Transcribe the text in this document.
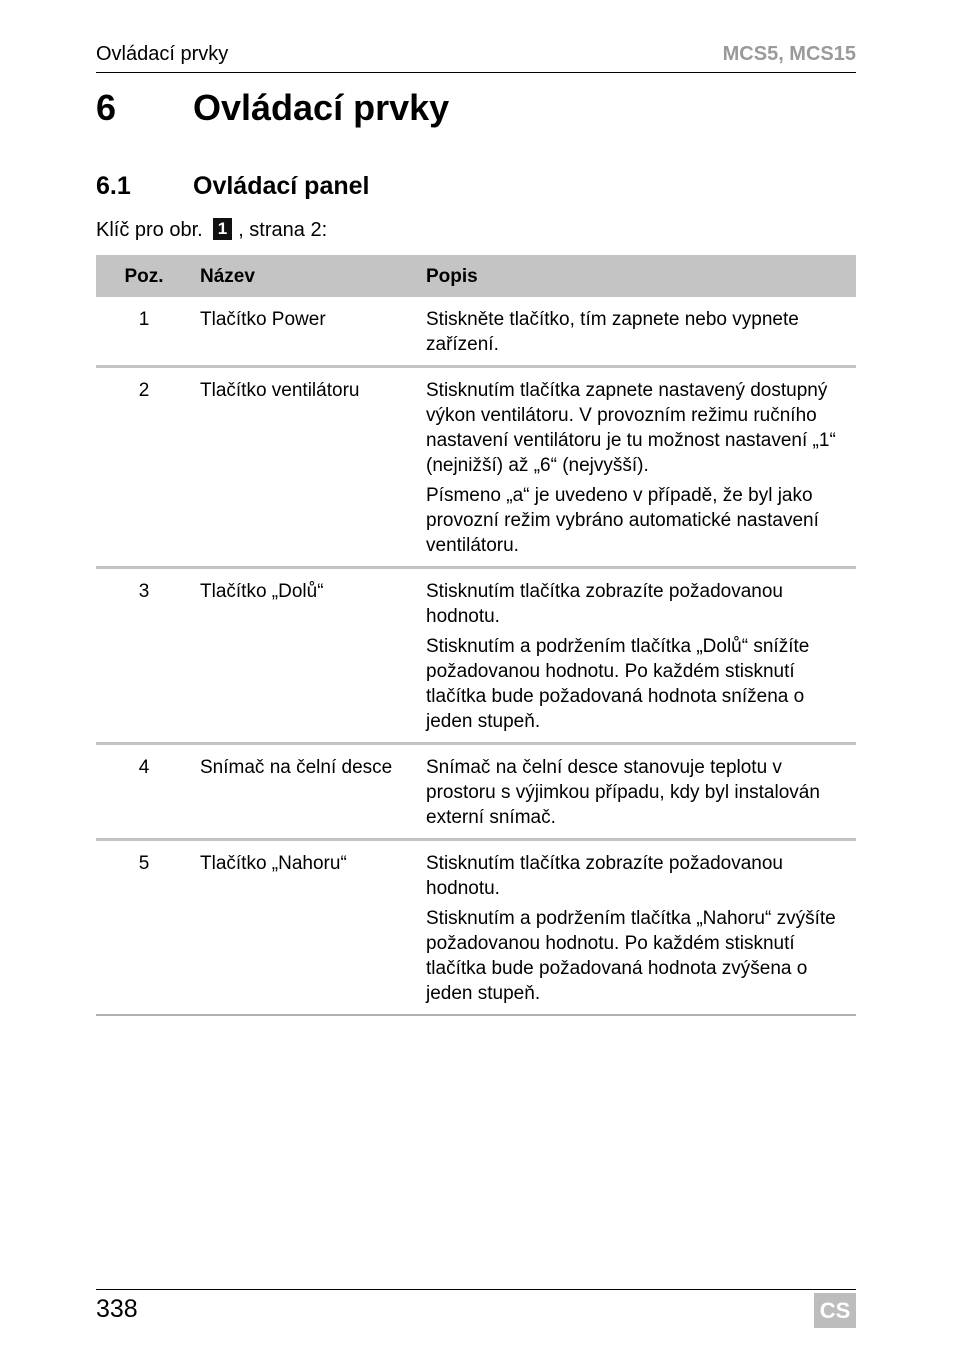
Ovládací prvky	MCS5, MCS15
6 Ovládací prvky
6.1 Ovládací panel
Klíč pro obr. 1 , strana 2:
Poz.	Název	Popis
1	Tlačítko Power	Stiskněte tlačítko, tím zapnete nebo vypnete zařízení.

2	Tlačítko ventilátoru	Stisknutím tlačítka zapnete nastavený dostupný výkon ventilátoru. V provozním režimu ručního nastavení ventilátoru je tu možnost nastavení „1“ (nejnižší) až „6“ (nejvyšší).

Písmeno „a“ je uvedeno v případě, že byl jako provozní režim vybráno automatické nastavení ventilátoru.

3	Tlačítko „Dolů“	Stisknutím tlačítka zobrazíte požadovanou hodnotu.

Stisknutím a podržením tlačítka „Dolů“ snížíte požadovanou hodnotu. Po každém stisknutí tlačítka bude požadovaná hodnota snížena o jeden stupeň.

4	Snímač na čelní desce	Snímač na čelní desce stanovuje teplotu v prostoru s výjimkou případu, kdy byl instalován externí snímač.

5	Tlačítko „Nahoru“	Stisknutím tlačítka zobrazíte požadovanou hodnotu.

Stisknutím a podržením tlačítka „Nahoru“ zvýšíte požadovanou hodnotu. Po každém stisknutí tlačítka bude požadovaná hodnota zvýšena o jeden stupeň.

338	CS
